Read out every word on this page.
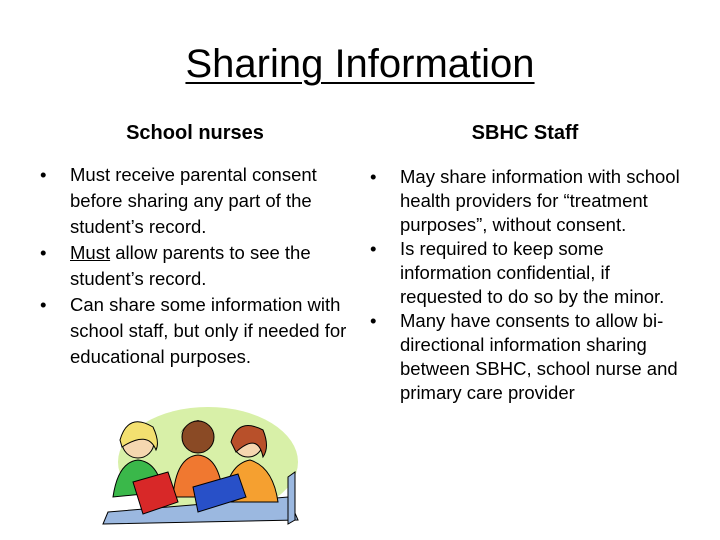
Sharing Information
School nurses	SBHC Staff
• Must receive parental consent before sharing any part of the student’s record.
• Must allow parents to see the student’s record.
• Can share some information with school staff, but only if needed for educational purposes.
• May share information with school health providers for “treatment purposes”, without consent.
• Is required to keep some information confidential, if requested to do so by the minor.
• Many have consents to allow bi-directional information sharing between SBHC, school nurse and primary care provider
